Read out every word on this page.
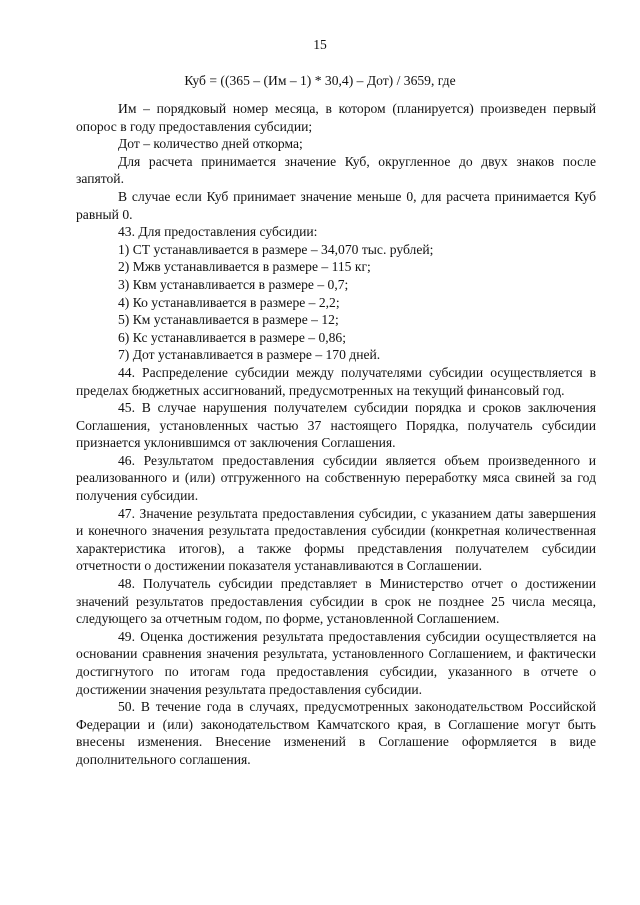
15
Куб = ((365 – (Им – 1) * 30,4) – Дот) / 3659, где

Им – порядковый номер месяца, в котором (планируется) произведен первый опорос в году предоставления субсидии;

Дот – количество дней откорма;

Для расчета принимается значение Куб, округленное до двух знаков после запятой.

В случае если Куб принимает значение меньше 0, для расчета принимается Куб равный 0.

43. Для предоставления субсидии:

1) СТ устанавливается в размере – 34,070 тыс. рублей;

2) Мжв устанавливается в размере – 115 кг;

3) Квм устанавливается в размере – 0,7;

4) Ко устанавливается в размере – 2,2;

5) Км устанавливается в размере – 12;

6) Кс устанавливается в размере – 0,86;

7) Дот устанавливается в размере – 170 дней.

44. Распределение субсидии между получателями субсидии осуществляется в пределах бюджетных ассигнований, предусмотренных на текущий финансовый год.

45. В случае нарушения получателем субсидии порядка и сроков заключения Соглашения, установленных частью 37 настоящего Порядка, получатель субсидии признается уклонившимся от заключения Соглашения.

46. Результатом предоставления субсидии является объем произведенного и реализованного и (или) отгруженного на собственную переработку мяса свиней за год получения субсидии.

47. Значение результата предоставления субсидии, с указанием даты завершения и конечного значения результата предоставления субсидии (конкретная количественная характеристика итогов), а также формы представления получателем субсидии отчетности о достижении показателя устанавливаются в Соглашении.

48. Получатель субсидии представляет в Министерство отчет о достижении значений результатов предоставления субсидии в срок не позднее 25 числа месяца, следующего за отчетным годом, по форме, установленной Соглашением.

49. Оценка достижения результата предоставления субсидии осуществляется на основании сравнения значения результата, установленного Соглашением, и фактически достигнутого по итогам года предоставления субсидии, указанного в отчете о достижении значения результата предоставления субсидии.

50. В течение года в случаях, предусмотренных законодательством Российской Федерации и (или) законодательством Камчатского края, в Соглашение могут быть внесены изменения. Внесение изменений в Соглашение оформляется в виде дополнительного соглашения.
